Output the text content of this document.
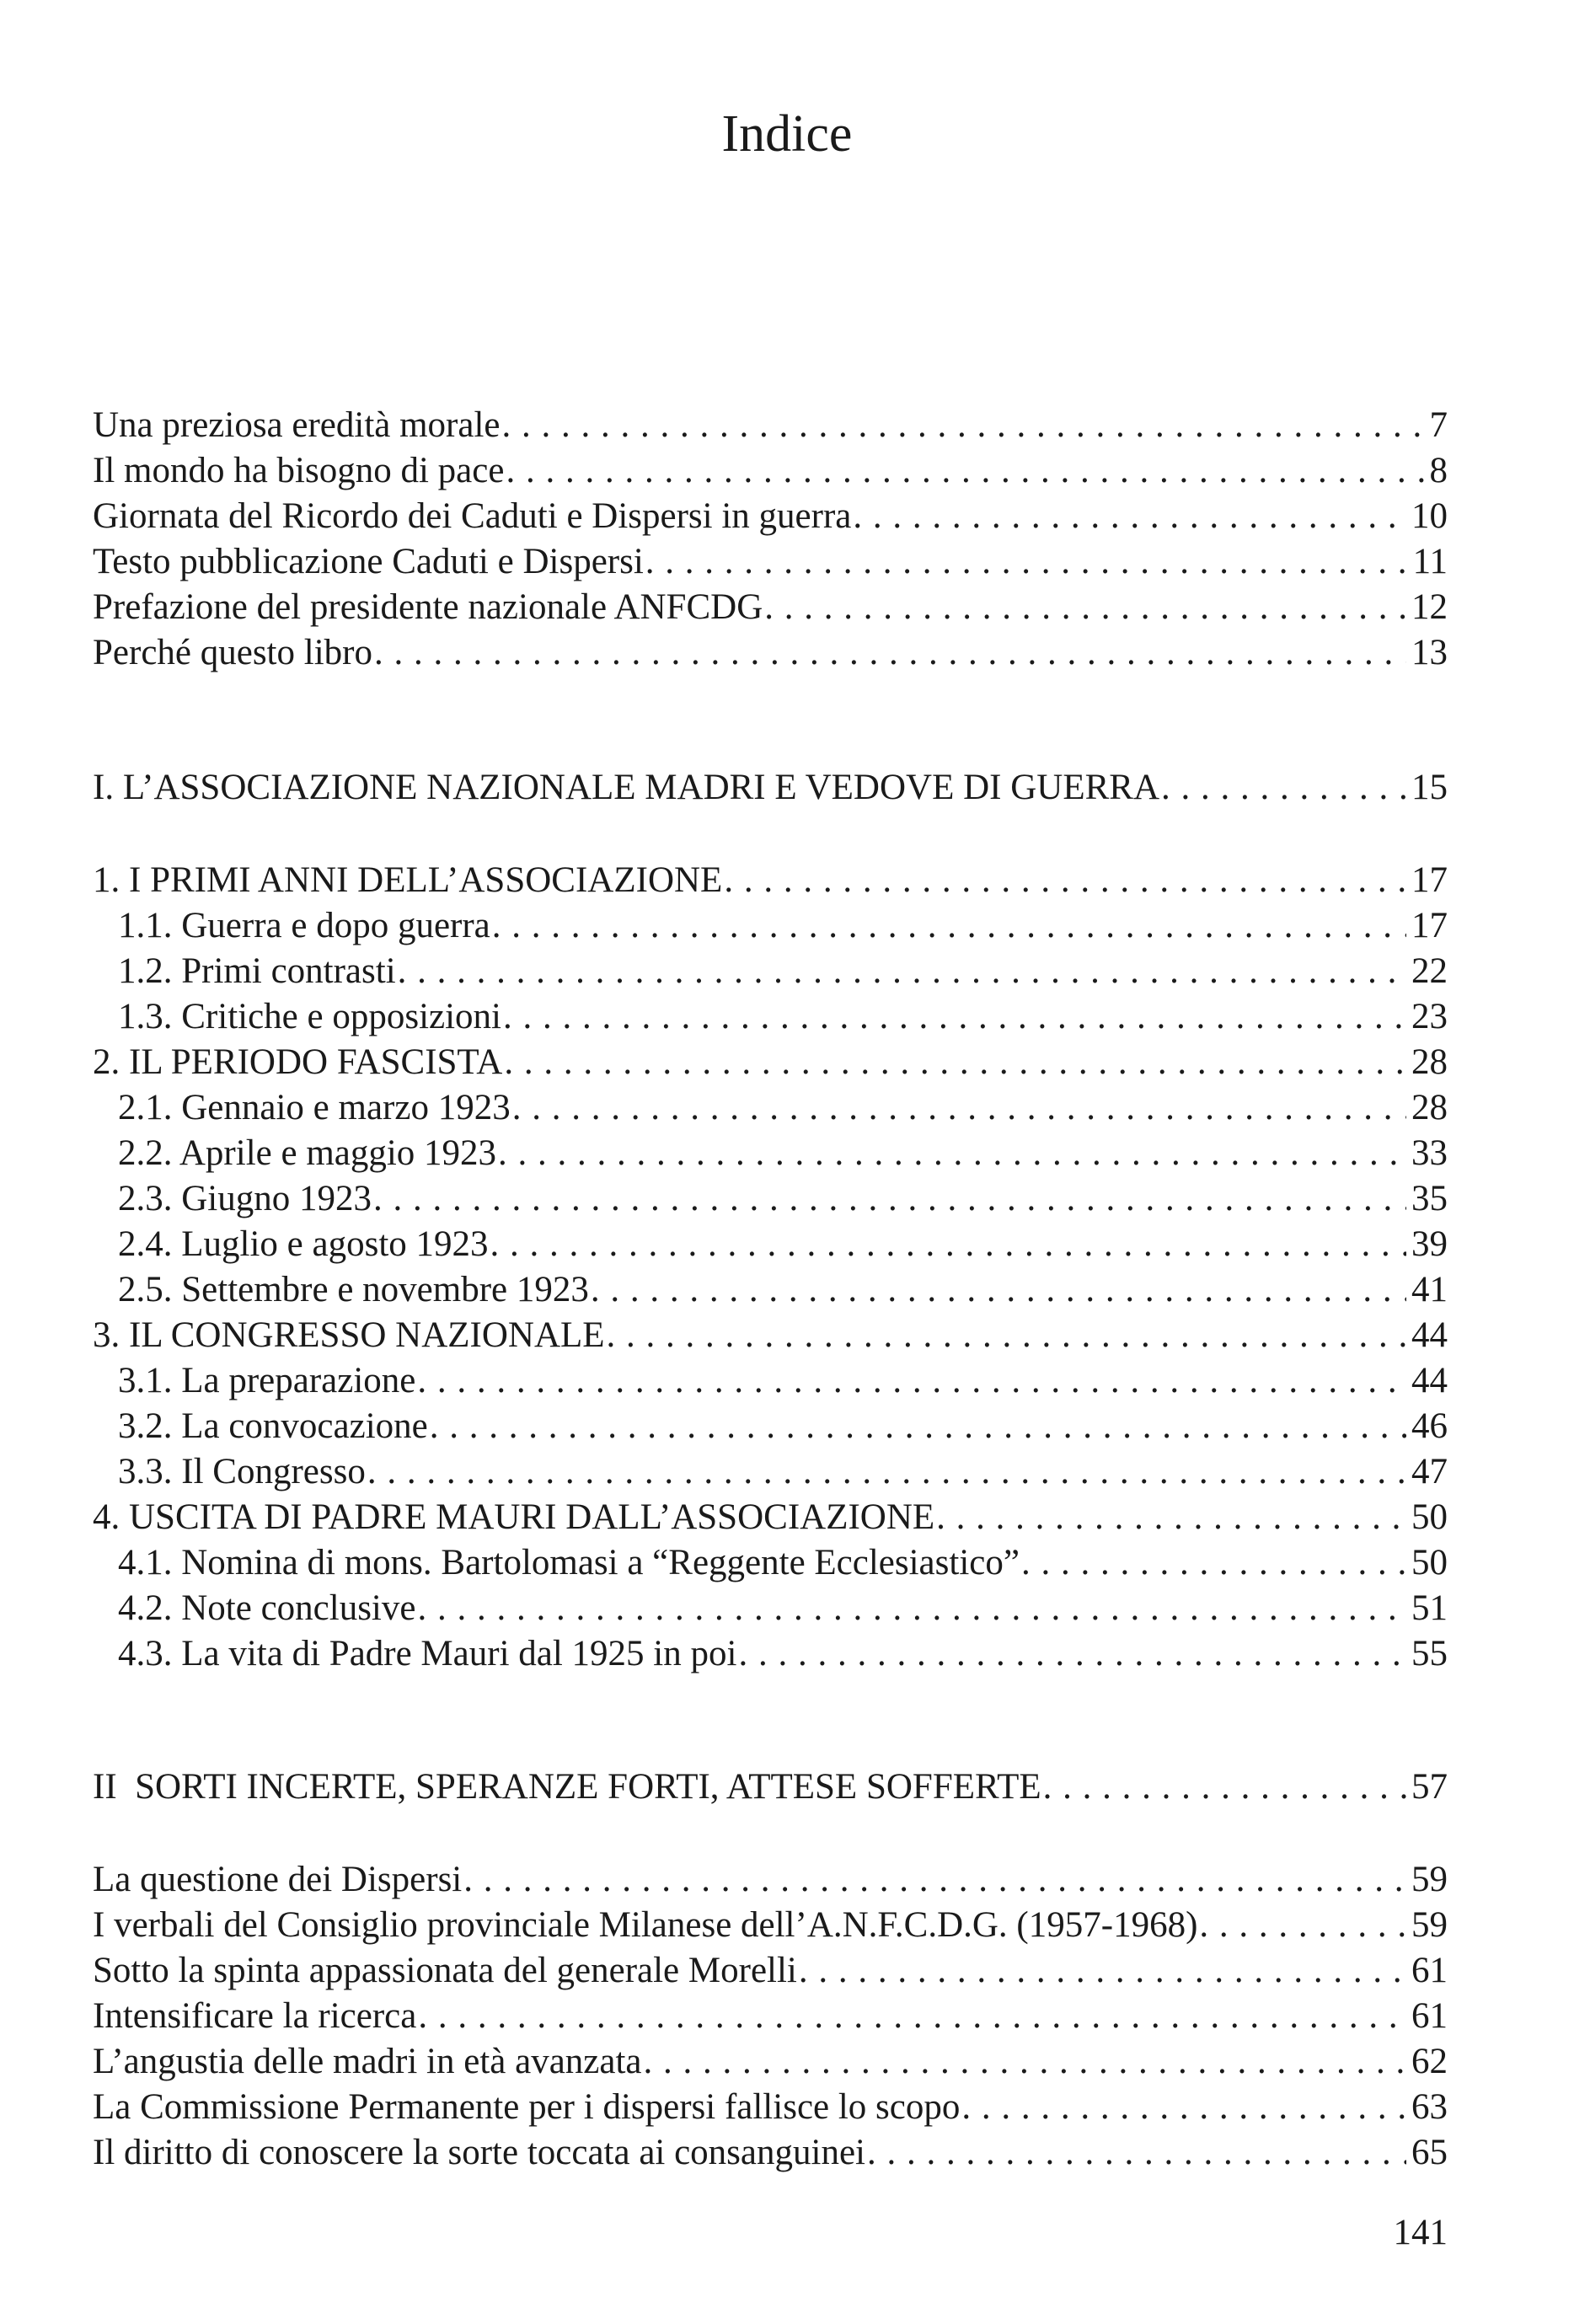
Indice
Una preziosa eredità morale . . .	7
Il mondo ha bisogno di pace . . .	8
Giornata del Ricordo dei Caduti e Dispersi in guerra . . .	10
Testo pubblicazione Caduti e Dispersi . . .	11
Prefazione del presidente nazionale ANFCDG . . .	12
Perché questo libro . . .	13
I. L’ASSOCIAZIONE NAZIONALE MADRI E VEDOVE DI GUERRA . . .	15
1. I PRIMI ANNI DELL’ASSOCIAZIONE . . .	17
1.1. Guerra e dopo guerra . . .	17
1.2. Primi contrasti . . .	22
1.3. Critiche e opposizioni . . .	23
2. IL PERIODO FASCISTA . . .	28
2.1. Gennaio e marzo 1923 . . .	28
2.2. Aprile e maggio 1923 . . .	33
2.3. Giugno 1923 . . .	35
2.4. Luglio e agosto 1923 . . .	39
2.5. Settembre e novembre 1923 . . .	41
3. IL CONGRESSO NAZIONALE . . .	44
3.1. La preparazione . . .	44
3.2. La convocazione . . .	46
3.3. Il Congresso . . .	47
4. USCITA DI PADRE MAURI DALL’ASSOCIAZIONE . . .	50
4.1. Nomina di mons. Bartolomasi a “Reggente Ecclesiastico” . . .	50
4.2. Note conclusive . . .	51
4.3. La vita di Padre Mauri dal 1925 in poi . . .	55
II  SORTI INCERTE, SPERANZE FORTI, ATTESE SOFFERTE . . .	57
La questione dei Dispersi . . .	59
I verbali del Consiglio provinciale Milanese dell’A.N.F.C.D.G. (1957-1968) . . .	59
Sotto la spinta appassionata del generale Morelli . . .	61
Intensificare la ricerca . . .	61
L’angustia delle madri in età avanzata . . .	62
La Commissione Permanente per i dispersi fallisce lo scopo . . .	63
Il diritto di conoscere la sorte toccata ai consanguinei . . .	65
141
